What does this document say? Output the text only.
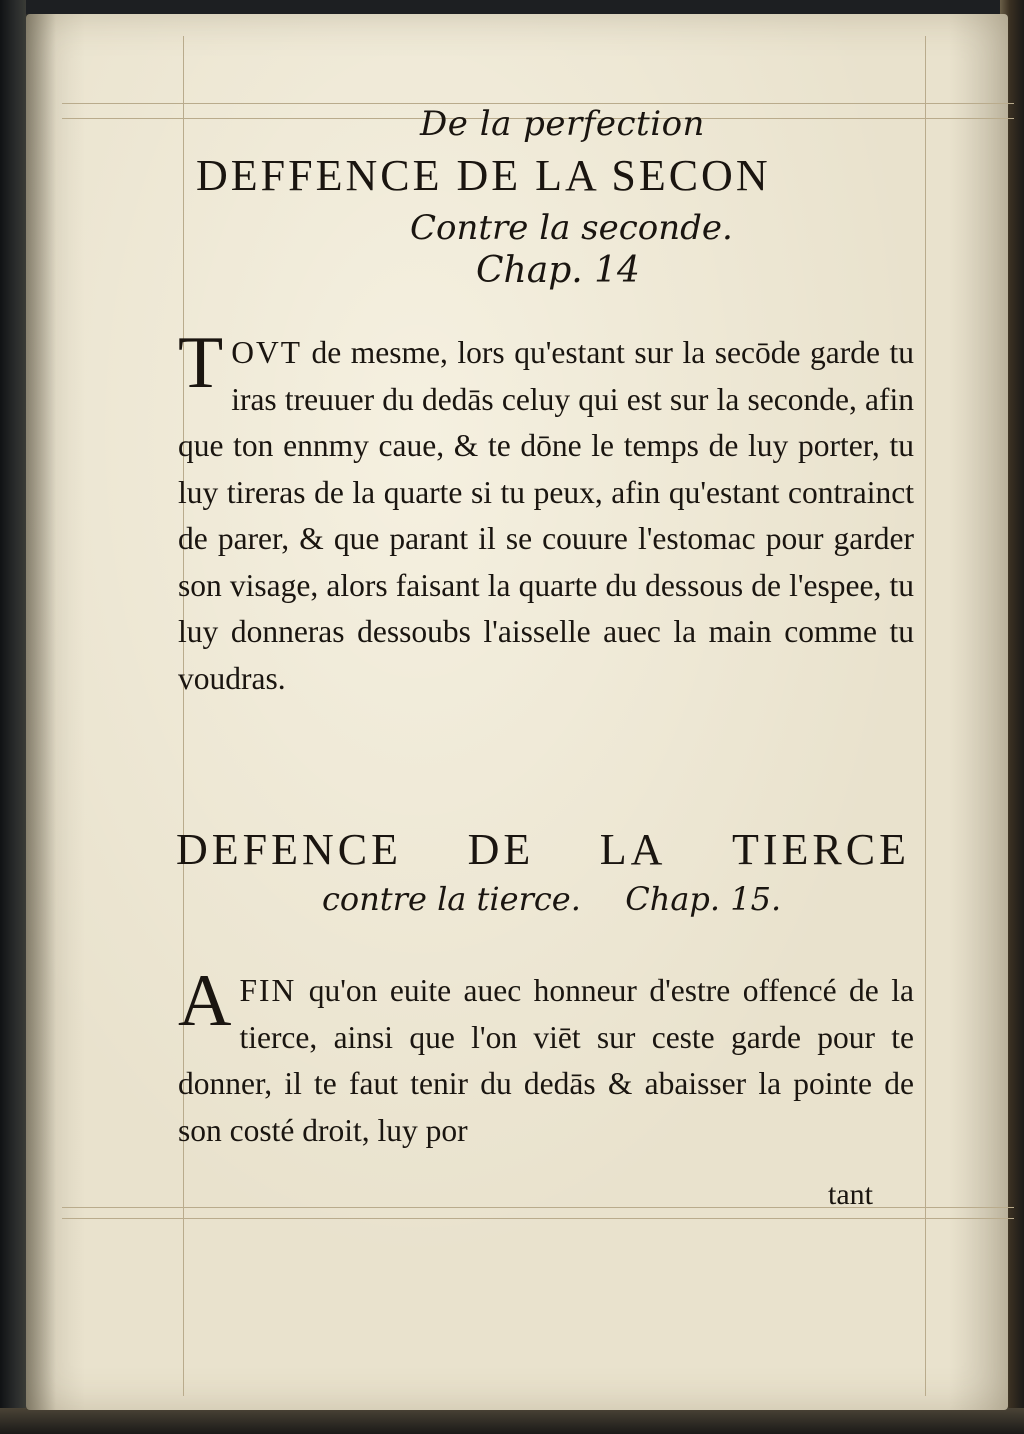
De la perfection
DEFFENCE DE LA SECON
Contre la seconde.
Chap. 14

TOVT de mesme, lors qu'estant sur la secōde garde tu iras treuuer du dedās celuy qui est sur la seconde, afin que ton ennmy caue, & te dōne le temps de luy porter, tu luy tireras de la quarte si tu peux, afin qu'estant contrainct de parer, & que parant il se couure l'estomac pour garder son visage, alors faisant la quarte du dessous de l'espee, tu luy donneras dessoubs l'aisselle auec la main comme tu voudras.

DEFENCE DE LA TIERCE
contre la tierce. Chap. 15.

AFIN qu'on euite auec honneur d'estre offencé de la tierce, ainsi que l'on viēt sur ceste garde pour te donner, il te faut tenir du dedās & abaisser la pointe de son costé droit, luy por

tant
